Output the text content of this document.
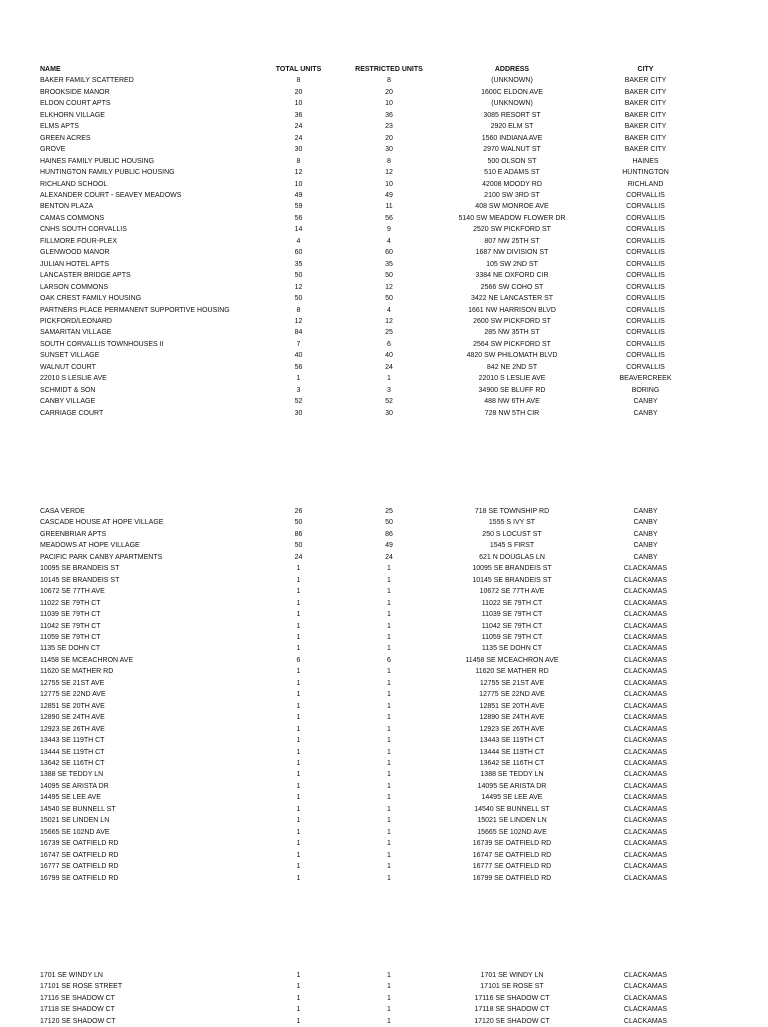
NAME	TOTAL UNITS	RESTRICTED UNITS	ADDRESS	CITY
BAKER FAMILY SCATTERED	8	8	(UNKNOWN)	BAKER CITY
BROOKSIDE MANOR	20	20	1600C ELDON AVE	BAKER CITY
ELDON COURT APTS	10	10	(UNKNOWN)	BAKER CITY
ELKHORN VILLAGE	36	36	3085 RESORT ST	BAKER CITY
ELMS APTS	24	23	2920 ELM ST	BAKER CITY
GREEN ACRES	24	20	1560 INDIANA AVE	BAKER CITY
GROVE	30	30	2970 WALNUT ST	BAKER CITY
HAINES FAMILY PUBLIC HOUSING	8	8	500 OLSON ST	HAINES
HUNTINGTON FAMILY PUBLIC HOUSING	12	12	510 E ADAMS ST	HUNTINGTON
RICHLAND SCHOOL	10	10	42008 MOODY RD	RICHLAND
ALEXANDER COURT - SEAVEY MEADOWS	49	49	2100 SW 3RD ST	CORVALLIS
BENTON PLAZA	59	11	408 SW MONROE AVE	CORVALLIS
CAMAS COMMONS	56	56	5140 SW MEADOW FLOWER DR	CORVALLIS
CNHS SOUTH CORVALLIS	14	9	2520 SW PICKFORD ST	CORVALLIS
FILLMORE FOUR-PLEX	4	4	807 NW 25TH ST	CORVALLIS
GLENWOOD MANOR	60	60	1687 NW DIVISION ST	CORVALLIS
JULIAN HOTEL APTS	35	35	105 SW 2ND ST	CORVALLIS
LANCASTER BRIDGE APTS	50	50	3384 NE OXFORD CIR	CORVALLIS
LARSON COMMONS	12	12	2566 SW COHO ST	CORVALLIS
OAK CREST FAMILY HOUSING	50	50	3422 NE LANCASTER ST	CORVALLIS
PARTNERS PLACE PERMANENT SUPPORTIVE HOUSING	8	4	1661 NW HARRISON BLVD	CORVALLIS
PICKFORD/LEONARD	12	12	2600 SW PICKFORD ST	CORVALLIS
SAMARITAN VILLAGE	84	25	285 NW 35TH ST	CORVALLIS
SOUTH CORVALLIS TOWNHOUSES II	7	6	2564 SW PICKFORD ST	CORVALLIS
SUNSET VILLAGE	40	40	4820 SW PHILOMATH BLVD	CORVALLIS
WALNUT COURT	56	24	842 NE 2ND ST	CORVALLIS
22010 S LESLIE AVE	1	1	22010 S LESLIE AVE	BEAVERCREEK
SCHMIDT & SON	3	3	34900 SE BLUFF RD	BORING
CANBY VILLAGE	52	52	488 NW 6TH AVE	CANBY
CARRIAGE COURT	30	30	728 NW 5TH CIR	CANBY
CASA VERDE	26	25	718 SE TOWNSHIP RD	CANBY
CASCADE HOUSE AT HOPE VILLAGE	50	50	1555 S IVY ST	CANBY
GREENBRIAR APTS	86	86	250 S LOCUST ST	CANBY
MEADOWS AT HOPE VILLAGE	50	49	1545 S FIRST	CANBY
PACIFIC PARK CANBY APARTMENTS	24	24	621 N DOUGLAS LN	CANBY
10095 SE BRANDEIS ST	1	1	10095 SE BRANDEIS ST	CLACKAMAS
10145 SE BRANDEIS ST	1	1	10145 SE BRANDEIS ST	CLACKAMAS
10672 SE 77TH AVE	1	1	10672 SE 77TH AVE	CLACKAMAS
11022 SE 79TH CT	1	1	11022 SE 79TH CT	CLACKAMAS
11039 SE 79TH CT	1	1	11039 SE 79TH CT	CLACKAMAS
11042 SE 79TH CT	1	1	11042 SE 79TH CT	CLACKAMAS
11059 SE 79TH CT	1	1	11059 SE 79TH CT	CLACKAMAS
1135 SE DOHN CT	1	1	1135 SE DOHN CT	CLACKAMAS
11458 SE MCEACHRON AVE	6	6	11458 SE MCEACHRON AVE	CLACKAMAS
11620 SE MATHER RD	1	1	11620 SE MATHER RD	CLACKAMAS
12755 SE 21ST AVE	1	1	12755 SE 21ST AVE	CLACKAMAS
12775 SE 22ND AVE	1	1	12775 SE 22ND AVE	CLACKAMAS
12851 SE 20TH AVE	1	1	12851 SE 20TH AVE	CLACKAMAS
12890 SE 24TH AVE	1	1	12890 SE 24TH AVE	CLACKAMAS
12923 SE 26TH AVE	1	1	12923 SE 26TH AVE	CLACKAMAS
13443 SE 119TH CT	1	1	13443 SE 119TH CT	CLACKAMAS
13444 SE 119TH CT	1	1	13444 SE 119TH CT	CLACKAMAS
13642 SE 116TH CT	1	1	13642 SE 116TH CT	CLACKAMAS
1388 SE TEDDY LN	1	1	1388 SE TEDDY LN	CLACKAMAS
14095 SE ARISTA DR	1	1	14095 SE ARISTA DR	CLACKAMAS
14495 SE LEE AVE	1	1	14495 SE LEE AVE	CLACKAMAS
14540 SE BUNNELL ST	1	1	14540 SE BUNNELL ST	CLACKAMAS
15021 SE LINDEN LN	1	1	15021 SE LINDEN LN	CLACKAMAS
15665 SE 102ND AVE	1	1	15665 SE 102ND AVE	CLACKAMAS
16739 SE OATFIELD RD	1	1	16739 SE OATFIELD RD	CLACKAMAS
16747 SE OATFIELD RD	1	1	16747 SE OATFIELD RD	CLACKAMAS
16777 SE OATFIELD RD	1	1	16777 SE OATFIELD RD	CLACKAMAS
16799 SE OATFIELD RD	1	1	16799 SE OATFIELD RD	CLACKAMAS
1701 SE WINDY LN	1	1	1701 SE WINDY LN	CLACKAMAS
17101 SE ROSE STREET	1	1	17101 SE ROSE ST	CLACKAMAS
17116 SE SHADOW CT	1	1	17116 SE SHADOW CT	CLACKAMAS
17118 SE SHADOW CT	1	1	17118 SE SHADOW CT	CLACKAMAS
17120 SE SHADOW CT	1	1	17120 SE SHADOW CT	CLACKAMAS
